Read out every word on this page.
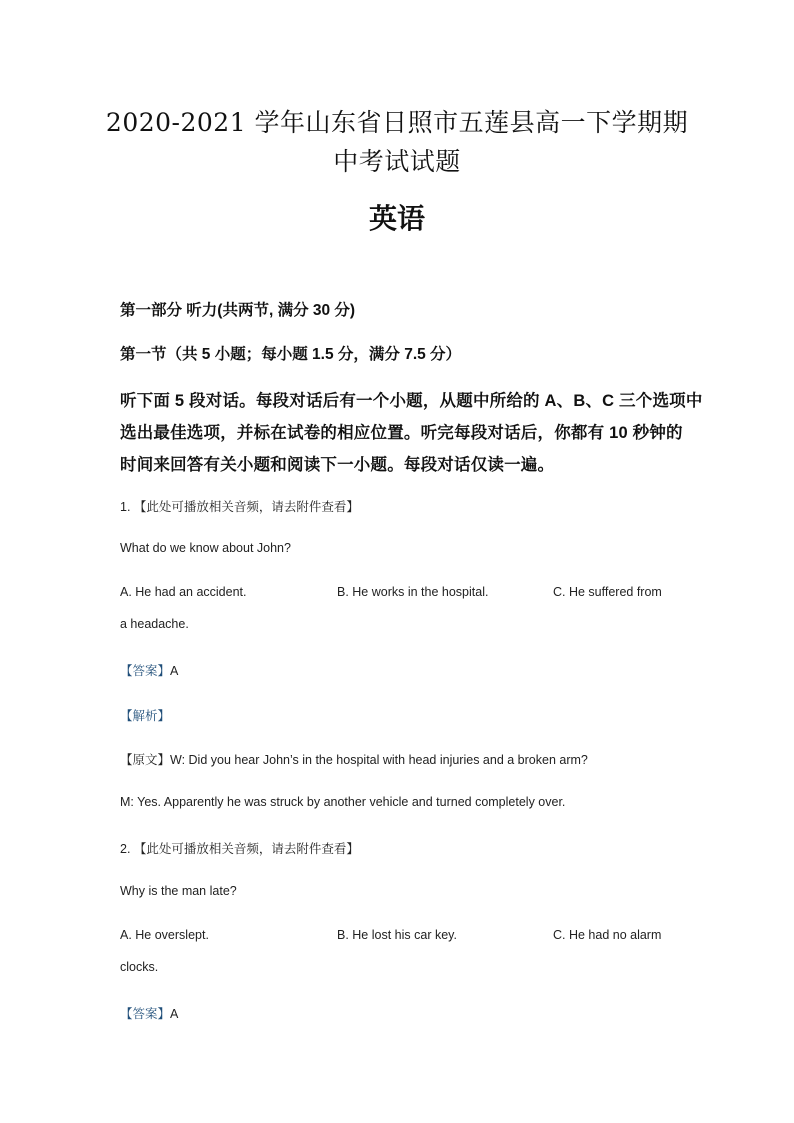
2020-2021 学年山东省日照市五莲县高一下学期期
中考试试题
英语
第一部分 听力(共两节, 满分 30 分)
第一节（共 5 小题；每小题 1.5 分，满分 7.5 分）
听下面 5 段对话。每段对话后有一个小题，从题中所给的 A、B、C 三个选项中
选出最佳选项，并标在试卷的相应位置。听完每段对话后，你都有 10 秒钟的
时间来回答有关小题和阅读下一小题。每段对话仅读一遍。
1. 【此处可播放相关音频，请去附件查看】
What do we know about John?
A. He had an accident.	B. He works in the hospital.	C. He suffered from
a headache.
【答案】A
【解析】
【原文】W: Did you hear John’s in the hospital with head injuries and a broken arm?
M: Yes. Apparently he was struck by another vehicle and turned completely over.
2. 【此处可播放相关音频，请去附件查看】
Why is the man late?
A. He overslept.	B. He lost his car key.	C. He had no alarm
clocks.
【答案】A
